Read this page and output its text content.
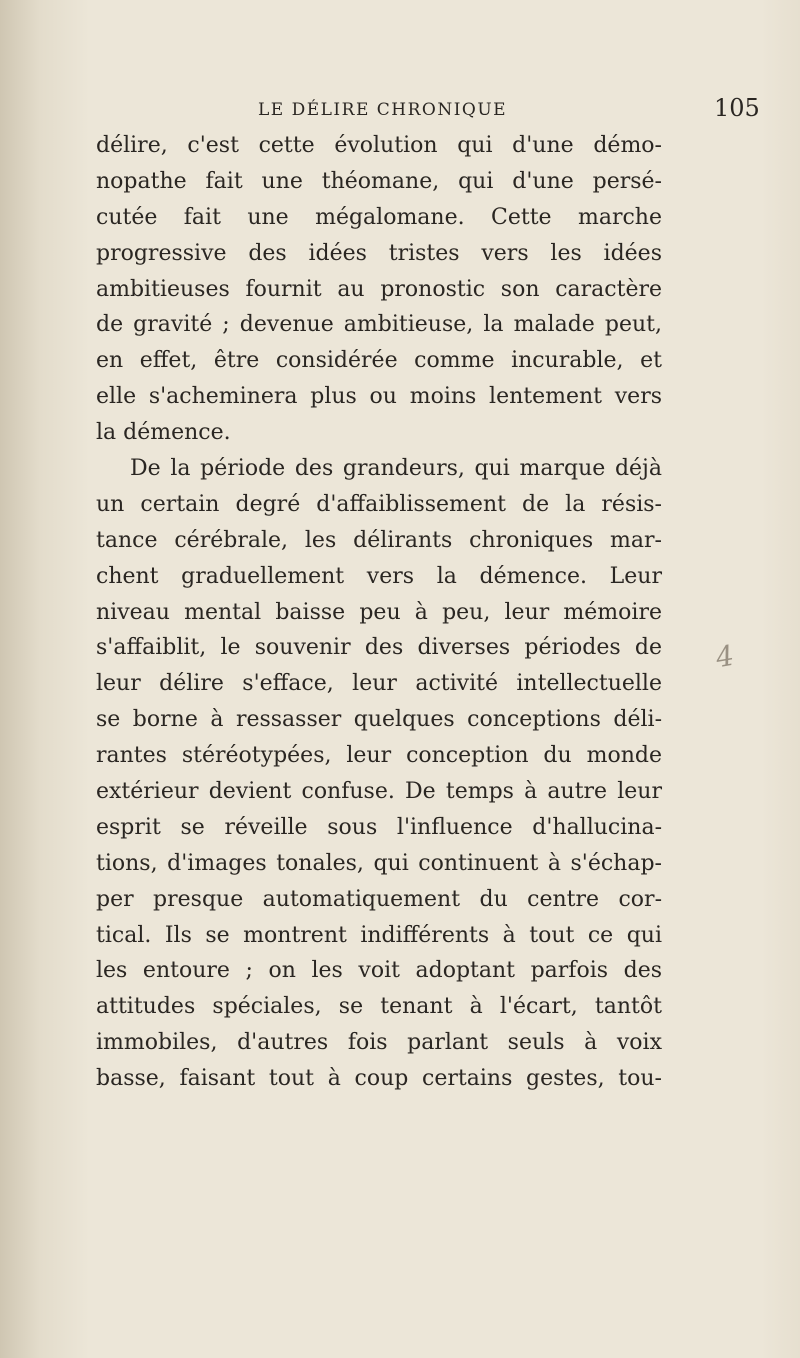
LE DÉLIRE CHRONIQUE	105
délire, c'est cette évolution qui d'une démo-
nopathe fait une théomane, qui d'une persé-
cutée fait une mégalomane. Cette marche
progressive des idées tristes vers les idées
ambitieuses fournit au pronostic son caractère
de gravité ; devenue ambitieuse, la malade peut,
en effet, être considérée comme incurable, et
elle s'acheminera plus ou moins lentement vers
la démence.
De la période des grandeurs, qui marque déjà
un certain degré d'affaiblissement de la résis-
tance cérébrale, les délirants chroniques mar-
chent graduellement vers la démence. Leur
niveau mental baisse peu à peu, leur mémoire
s'affaiblit, le souvenir des diverses périodes de
leur délire s'efface, leur activité intellectuelle
se borne à ressasser quelques conceptions déli-
rantes stéréotypées, leur conception du monde
extérieur devient confuse. De temps à autre leur
esprit se réveille sous l'influence d'hallucina-
tions, d'images tonales, qui continuent à s'échap-
per presque automatiquement du centre cor-
tical. Ils se montrent indifférents à tout ce qui
les entoure ; on les voit adoptant parfois des
attitudes spéciales, se tenant à l'écart, tantôt
immobiles, d'autres fois parlant seuls à voix
basse, faisant tout à coup certains gestes, tou-
4
